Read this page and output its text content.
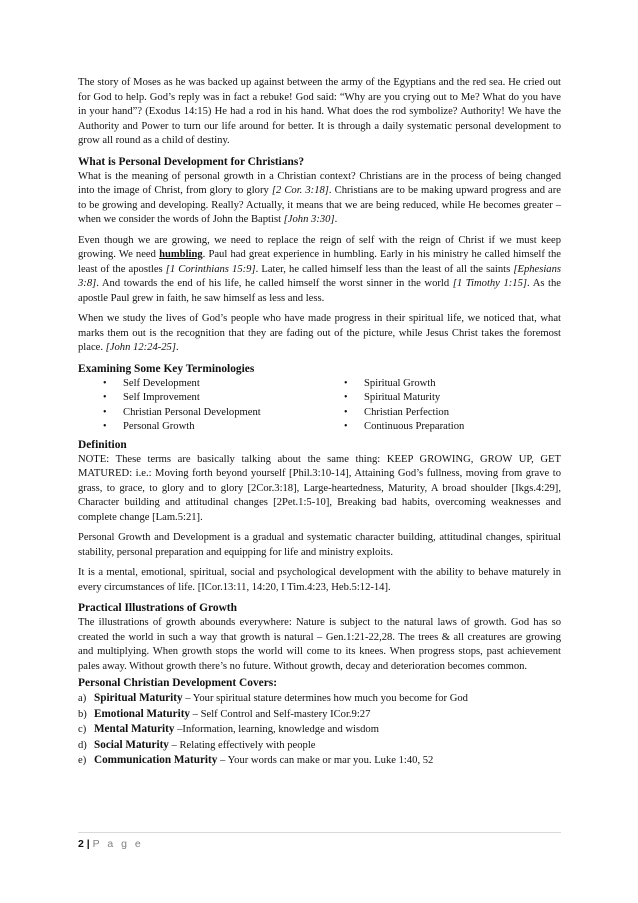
The story of Moses as he was backed up against between the army of the Egyptians and the red sea. He cried out for God to help. God’s reply was in fact a rebuke! God said: “Why are you crying out to Me? What do you have in your hand”? (Exodus 14:15) He had a rod in his hand. What does the rod symbolize? Authority! We have the Authority and Power to turn our life around for better. It is through a daily systematic personal development to grow all round as a child of destiny.

What is Personal Development for Christians?

What is the meaning of personal growth in a Christian context? Christians are in the process of being changed into the image of Christ, from glory to glory [2 Cor. 3:18]. Christians are to be making upward progress and are to be growing and developing. Really? Actually, it means that we are being reduced, while He becomes greater – when we consider the words of John the Baptist [John 3:30].

Even though we are growing, we need to replace the reign of self with the reign of Christ if we must keep growing. We need humbling. Paul had great experience in humbling. Early in his ministry he called himself the least of the apostles [1 Corinthians 15:9]. Later, he called himself less than the least of all the saints [Ephesians 3:8]. And towards the end of his life, he called himself the worst sinner in the world [1 Timothy 1:15]. As the apostle Paul grew in faith, he saw himself as less and less.

When we study the lives of God’s people who have made progress in their spiritual life, we noticed that, what marks them out is the recognition that they are fading out of the picture, while Jesus Christ takes the foremost place. [John 12:24-25].

Examining Some Key Terminologies
• Self Development
• Self Improvement
• Christian Personal Development
• Personal Growth
• Spiritual Growth
• Spiritual Maturity
• Christian Perfection
• Continuous Preparation
Definition

NOTE: These terms are basically talking about the same thing: KEEP GROWING, GROW UP, GET MATURED: i.e.: Moving forth beyond yourself [Phil.3:10-14], Attaining God’s fullness, moving from grave to grass, to grace, to glory and to glory [2Cor.3:18], Large-heartedness, Maturity, A broad shoulder [Ikgs.4:29], Character building and attitudinal changes [2Pet.1:5-10], Breaking bad habits, overcoming weaknesses and complete change [Lam.5:21].

Personal Growth and Development is a gradual and systematic character building, attitudinal changes, spiritual stability, personal preparation and equipping for life and ministry exploits.

It is a mental, emotional, spiritual, social and psychological development with the ability to behave maturely in every circumstances of life. [ICor.13:11, 14:20, I Tim.4:23, Heb.5:12-14].

Practical Illustrations of Growth

The illustrations of growth abounds everywhere: Nature is subject to the natural laws of growth. God has so created the world in such a way that growth is natural – Gen.1:21-22,28. The trees & all creatures are growing and multiplying. When growth stops the world will come to its knees. When progress stops, past achievement pales away. Without growth there’s no future. Without growth, decay and deterioration becomes common.

Personal Christian Development Covers:
a) Spiritual Maturity – Your spiritual stature determines how much you become for God
b) Emotional Maturity – Self Control and Self-mastery ICor.9:27
c) Mental Maturity –Information, learning, knowledge and wisdom
d) Social Maturity – Relating effectively with people
e) Communication Maturity – Your words can make or mar you. Luke 1:40, 52
2 | P a g e
